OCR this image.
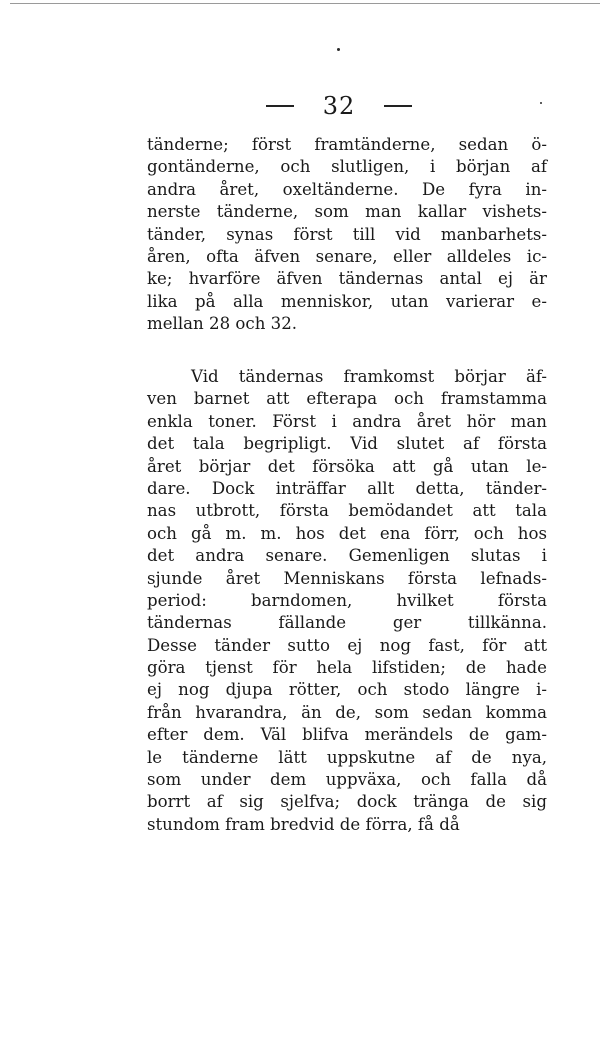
32
tänderne; först framtänderne, sedan ö-
gontänderne, och slutligen, i början af
andra året, oxeltänderne. De fyra in-
nerste tänderne, som man kallar vishets-
tänder, synas först till vid manbarhets-
åren, ofta äfven senare, eller alldeles ic-
ke; hvarföre äfven tändernas antal ej är
lika på alla menniskor, utan varierar e-
mellan 28 och 32.
Vid tändernas framkomst börjar äf-
ven barnet att efterapa och framstamma
enkla toner. Först i andra året hör man
det tala begripligt. Vid slutet af första
året börjar det försöka att gå utan le-
dare. Dock inträffar allt detta, tänder-
nas utbrott, första bemödandet att tala
och gå m. m. hos det ena förr, och hos
det andra senare. Gemenligen slutas i
sjunde året Menniskans första lefnads-
period: barndomen, hvilket första
tändernas fällande ger tillkänna.
Desse tänder sutto ej nog fast, för att
göra tjenst för hela lifstiden; de hade
ej nog djupa rötter, och stodo längre i-
från hvarandra, än de, som sedan komma
efter dem. Väl blifva merändels de gam-
le tänderne lätt uppskutne af de nya,
som under dem uppväxa, och falla då
borrt af sig sjelfva; dock tränga de sig
stundom fram bredvid de förra, få då
